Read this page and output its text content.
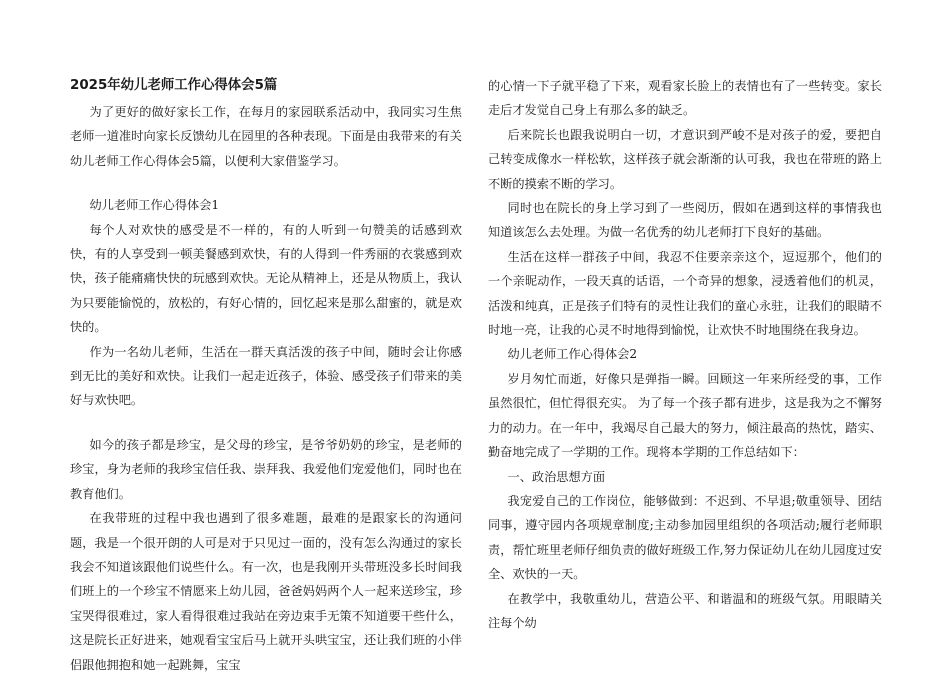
2025年幼儿老师工作心得体会5篇

为了更好的做好家长工作，在每月的家园联系活动中，我同实习生焦老师一道准时向家长反馈幼儿在园里的各种表现。下面是由我带来的有关幼儿老师工作心得体会5篇，以便利大家借鉴学习。

幼儿老师工作心得体会1

每个人对欢快的感受是不一样的，有的人听到一句赞美的话感到欢快，有的人享受到一顿美餐感到欢快，有的人得到一件秀丽的衣裳感到欢快，孩子能痛痛快快的玩感到欢快。无论从精神上，还是从物质上，我认为只要能愉悦的，放松的，有好心情的，回忆起来是那么甜蜜的，就是欢快的。

作为一名幼儿老师，生活在一群天真活泼的孩子中间，随时会让你感到无比的美好和欢快。让我们一起走近孩子，体验、感受孩子们带来的美好与欢快吧。

如今的孩子都是珍宝，是父母的珍宝，是爷爷奶奶的珍宝，是老师的珍宝，身为老师的我珍宝信任我、崇拜我、我爱他们宠爱他们，同时也在教育他们。

在我带班的过程中我也遇到了很多难题，最难的是跟家长的沟通问题，我是一个很开朗的人可是对于只见过一面的，没有怎么沟通过的家长我会不知道该跟他们说些什么。有一次，也是我刚开头带班没多长时间我们班上的一个珍宝不情愿来上幼儿园，爸爸妈妈两个人一起来送珍宝，珍宝哭得很难过，家人看得很难过我站在旁边束手无策不知道要干些什么，这是院长正好进来，她观看宝宝后马上就开头哄宝宝，还让我们班的小伴侣跟他拥抱和她一起跳舞，宝宝

的心情一下子就平稳了下来，观看家长脸上的表情也有了一些转变。家长走后才发觉自己身上有那么多的缺乏。

后来院长也跟我说明白一切，才意识到严峻不是对孩子的爱，要把自己转变成像水一样松软，这样孩子就会渐渐的认可我，我也在带班的路上不断的摸索不断的学习。

同时也在院长的身上学习到了一些阅历，假如在遇到这样的事情我也知道该怎么去处理。为做一名优秀的幼儿老师打下良好的基础。

生活在这样一群孩子中间，我忍不住要亲亲这个，逗逗那个，他们的一个亲昵动作，一段天真的话语，一个奇异的想象，浸透着他们的机灵，活泼和纯真，正是孩子们特有的灵性让我们的童心永驻，让我们的眼睛不时地一亮，让我的心灵不时地得到愉悦，让欢快不时地围绕在我身边。

幼儿老师工作心得体会2

岁月匆忙而逝，好像只是弹指一瞬。回顾这一年来所经受的事，工作虽然很忙，但忙得很充实。 为了每一个孩子都有进步，这是我为之不懈努力的动力。在一年中，我竭尽自己最大的努力，倾注最高的热忱，踏实、勤奋地完成了一学期的工作。现将本学期的工作总结如下：

一、政治思想方面

我宠爱自己的工作岗位，能够做到：不迟到、不早退;敬重领导、团结同事，遵守园内各项规章制度;主动参加园里组织的各项活动;履行老师职责，帮忙班里老师仔细负责的做好班级工作,努力保证幼儿在幼儿园度过安全、欢快的一天。

在教学中，我敬重幼儿，营造公平、和谐温和的班级气氛。用眼睛关注每个幼
